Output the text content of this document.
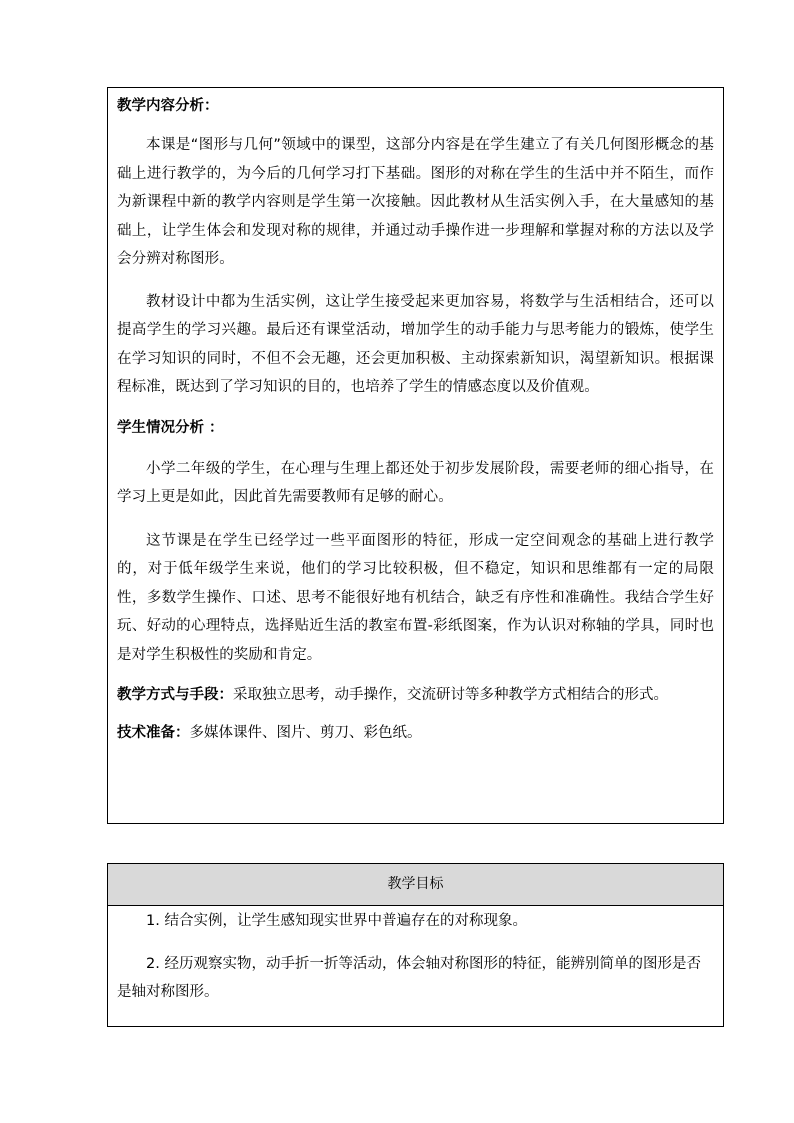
教学内容分析：

本课是“图形与几何”领域中的课型，这部分内容是在学生建立了有关几何图形概念的基础上进行教学的，为今后的几何学习打下基础。图形的对称在学生的生活中并不陌生，而作为新课程中新的教学内容则是学生第一次接触。因此教材从生活实例入手，在大量感知的基础上，让学生体会和发现对称的规律，并通过动手操作进一步理解和掌握对称的方法以及学会分辨对称图形。

教材设计中都为生活实例，这让学生接受起来更加容易，将数学与生活相结合，还可以提高学生的学习兴趣。最后还有课堂活动，增加学生的动手能力与思考能力的锻炼，使学生在学习知识的同时，不但不会无趣，还会更加积极、主动探索新知识，渴望新知识。根据课程标准，既达到了学习知识的目的，也培养了学生的情感态度以及价值观。

学生情况分析 ：

小学二年级的学生，在心理与生理上都还处于初步发展阶段，需要老师的细心指导，在学习上更是如此，因此首先需要教师有足够的耐心。

这节课是在学生已经学过一些平面图形的特征，形成一定空间观念的基础上进行教学的，对于低年级学生来说，他们的学习比较积极，但不稳定，知识和思维都有一定的局限性，多数学生操作、口述、思考不能很好地有机结合，缺乏有序性和准确性。我结合学生好玩、好动的心理特点，选择贴近生活的教室布置-彩纸图案，作为认识对称轴的学具，同时也是对学生积极性的奖励和肯定。

教学方式与手段：采取独立思考，动手操作，交流研讨等多种教学方式相结合的形式。

技术准备：多媒体课件、图片、剪刀、彩色纸。

教学目标

1. 结合实例，让学生感知现实世界中普遍存在的对称现象。

2. 经历观察实物，动手折一折等活动，体会轴对称图形的特征，能辨别简单的图形是否是轴对称图形。
